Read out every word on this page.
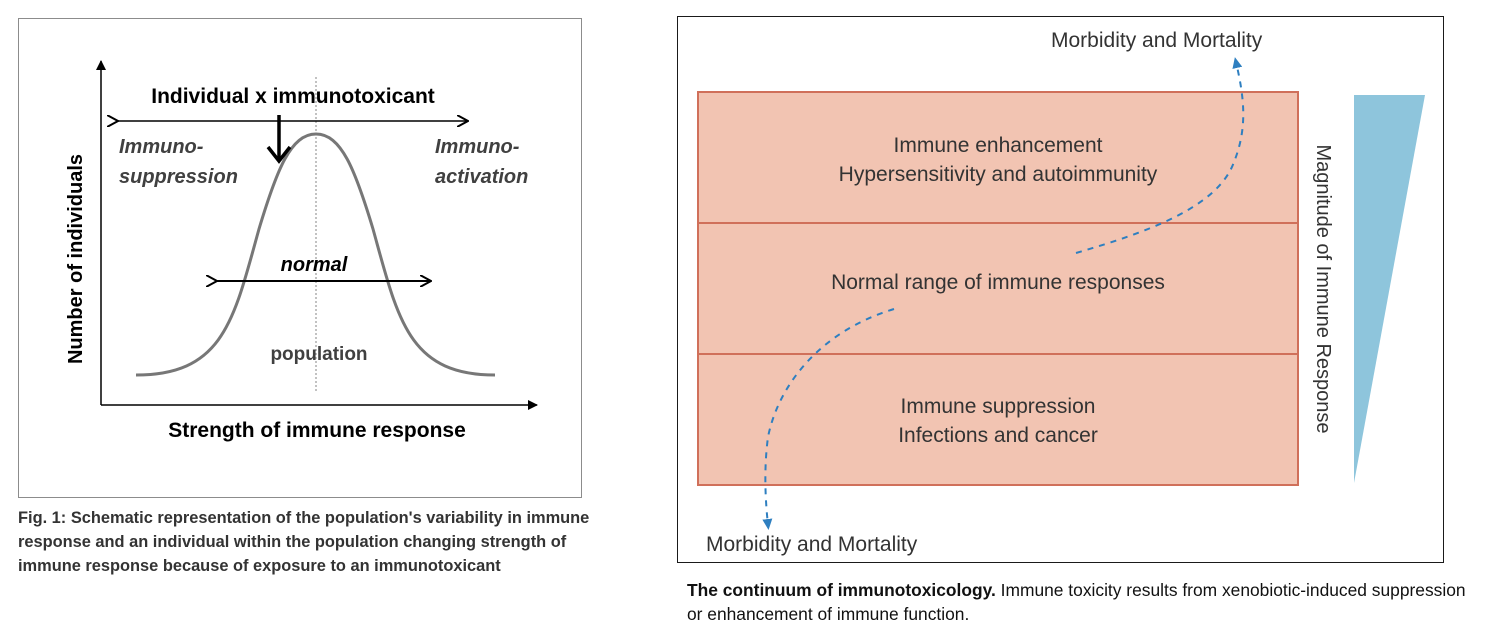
Individual x immunotoxicant
Immuno-
suppression
Immuno-
activation
normal
population
Strength of immune response
Number of individuals
Fig. 1: Schematic representation of the population's variability in immune response and an individual within the population changing strength of immune response because of exposure to an immunotoxicant
Immune enhancement
Hypersensitivity and autoimmunity
Normal range of immune responses
Immune suppression
Infections and cancer
Morbidity and Mortality
Morbidity and Mortality
Magnitude of Immune Response
The continuum of immunotoxicology. Immune toxicity results from xenobiotic-induced suppression or enhancement of immune function.
